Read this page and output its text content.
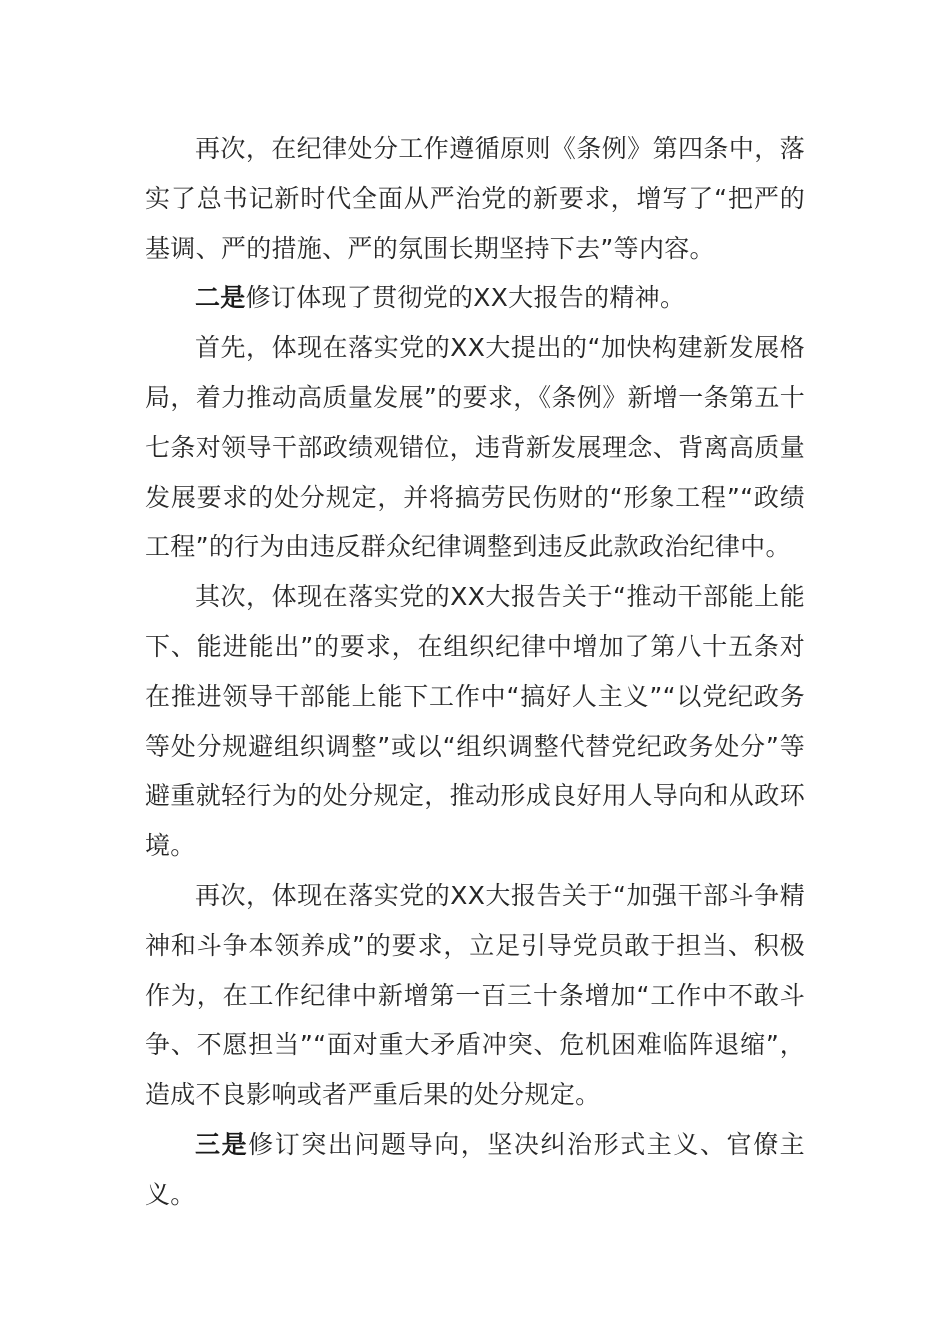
再次，在纪律处分工作遵循原则《条例》第四条中，落实了总书记新时代全面从严治党的新要求，增写了“把严的基调、严的措施、严的氛围长期坚持下去”等内容。

二是修订体现了贯彻党的XX大报告的精神。

首先，体现在落实党的XX大提出的“加快构建新发展格局，着力推动高质量发展”的要求，《条例》新增一条第五十七条对领导干部政绩观错位，违背新发展理念、背离高质量发展要求的处分规定，并将搞劳民伤财的“形象工程”“政绩工程”的行为由违反群众纪律调整到违反此款政治纪律中。

其次，体现在落实党的XX大报告关于“推动干部能上能下、能进能出”的要求，在组织纪律中增加了第八十五条对在推进领导干部能上能下工作中“搞好人主义”“以党纪政务等处分规避组织调整”或以“组织调整代替党纪政务处分”等避重就轻行为的处分规定，推动形成良好用人导向和从政环境。

再次，体现在落实党的XX大报告关于“加强干部斗争精神和斗争本领养成”的要求，立足引导党员敢于担当、积极作为，在工作纪律中新增第一百三十条增加“工作中不敢斗争、不愿担当”“面对重大矛盾冲突、危机困难临阵退缩”，造成不良影响或者严重后果的处分规定。

三是修订突出问题导向，坚决纠治形式主义、官僚主义。
